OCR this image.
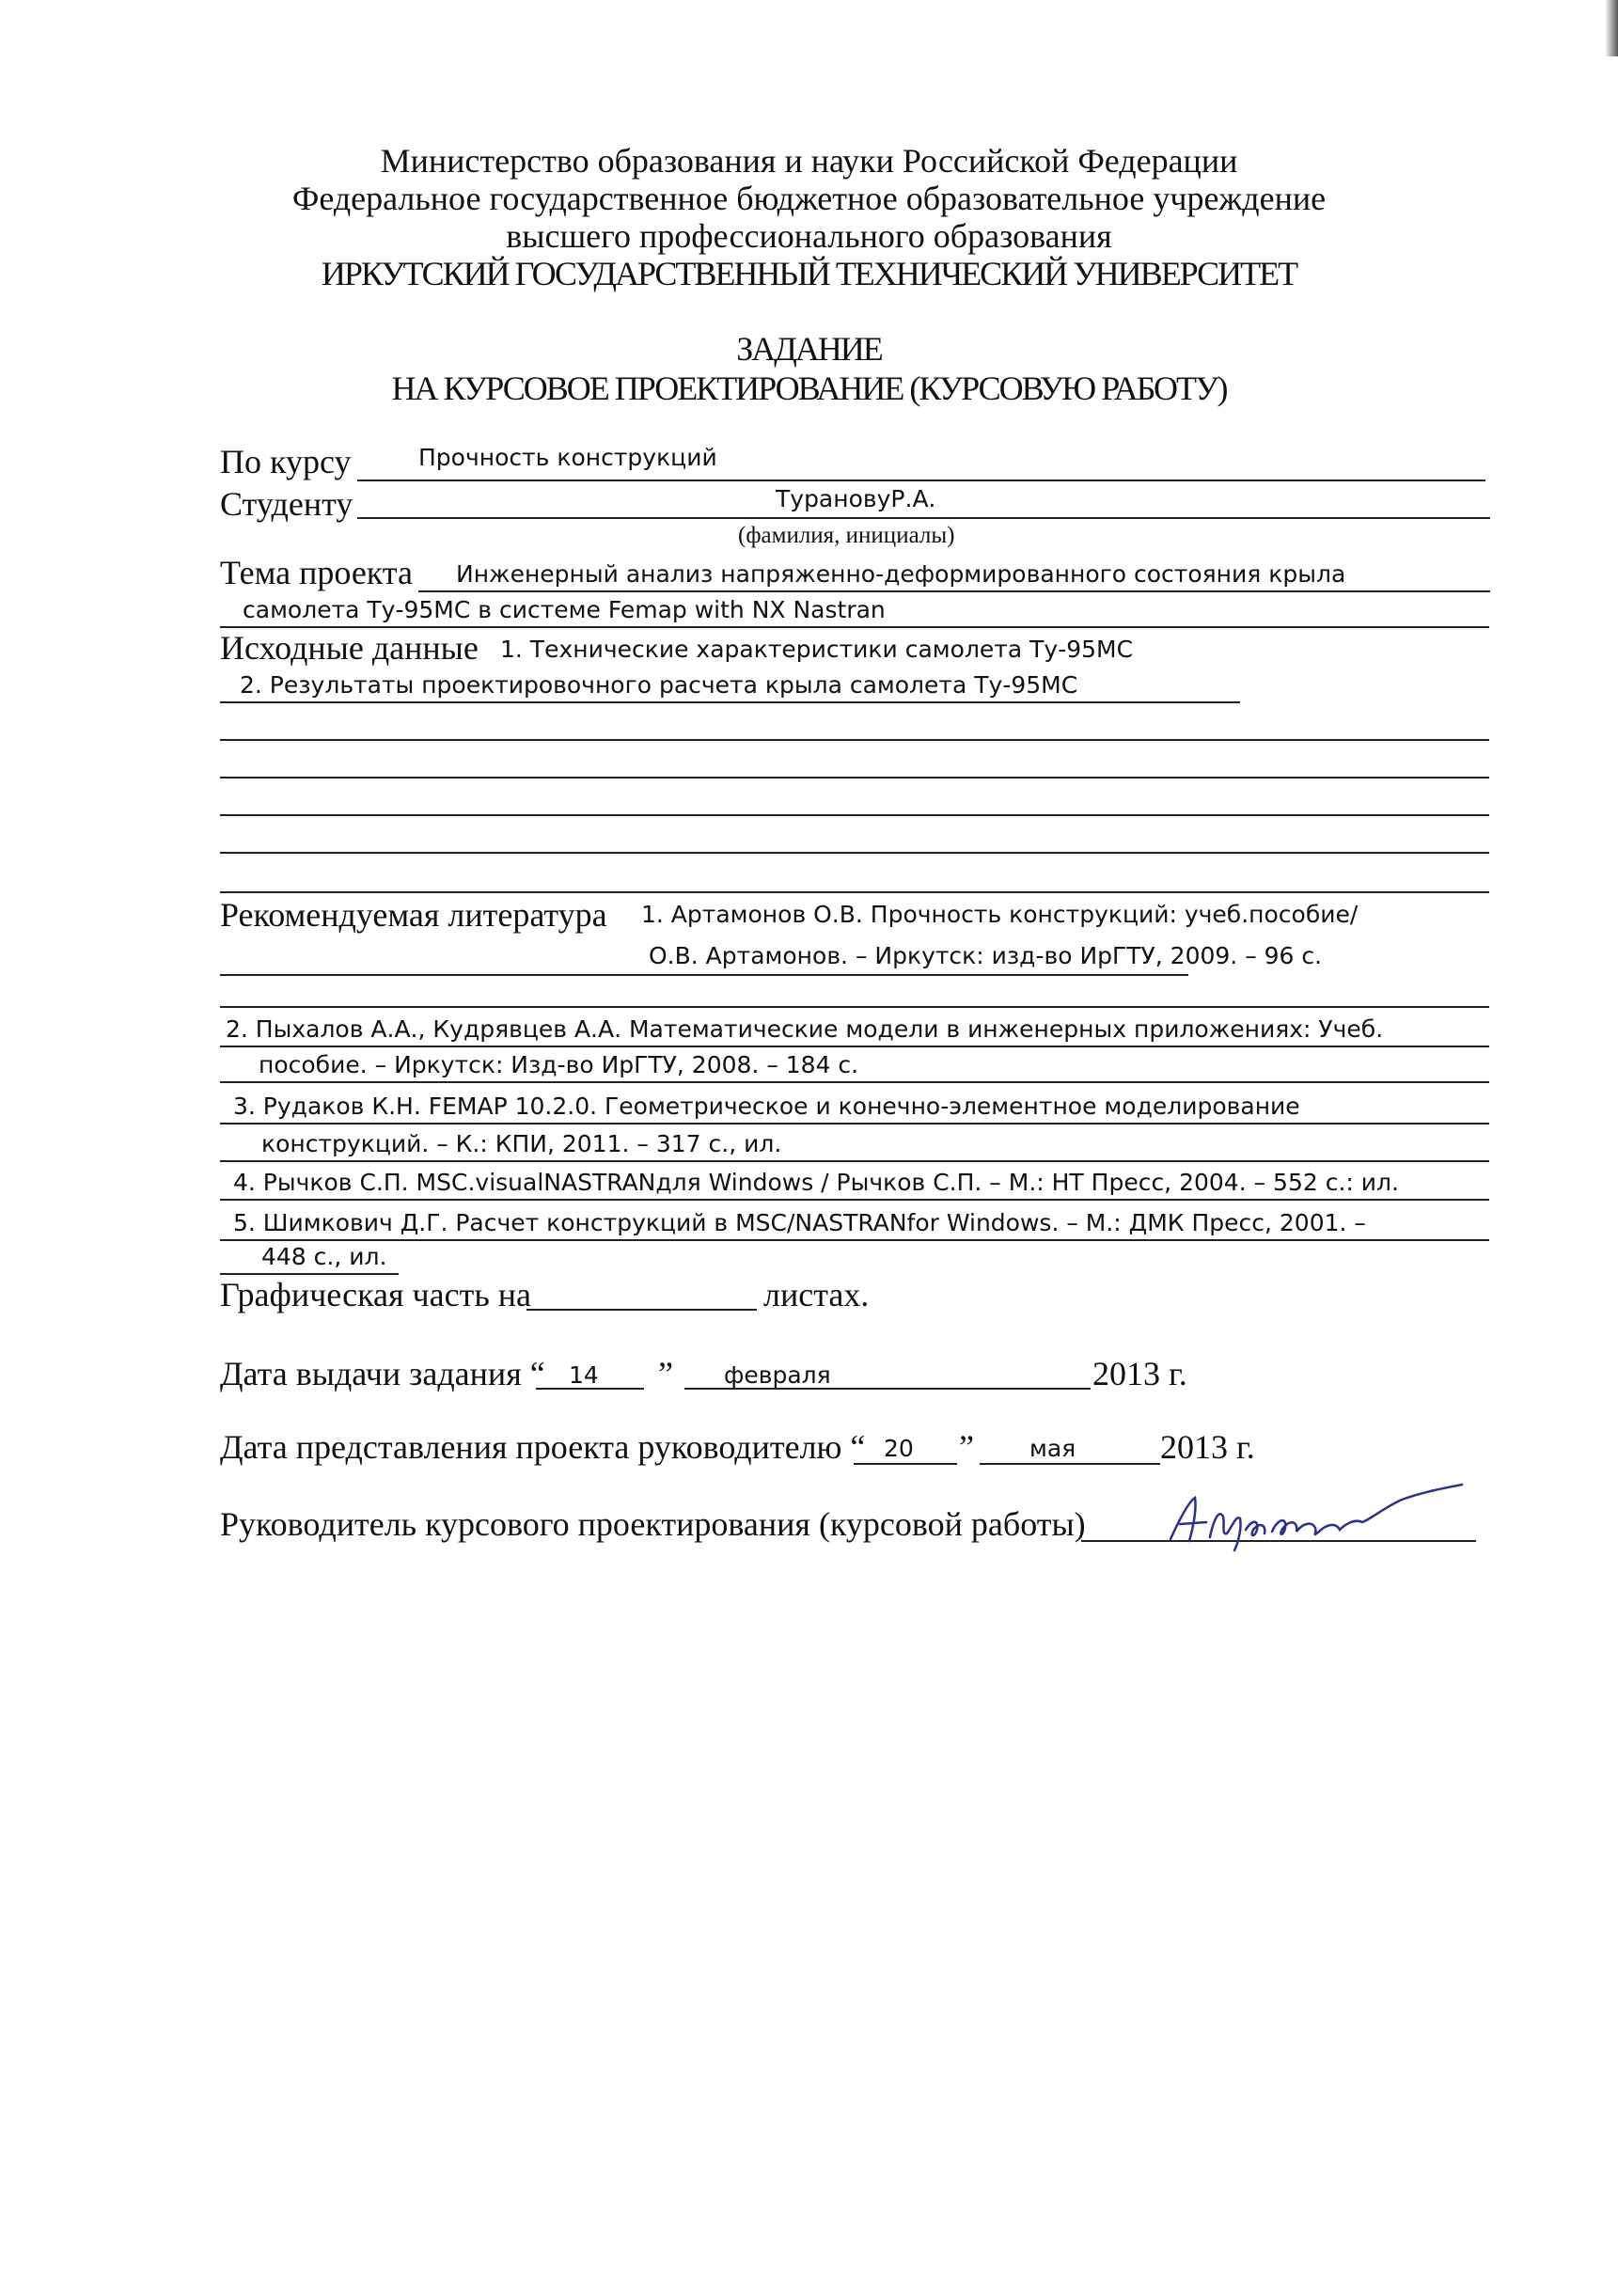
Министерство образования и науки Российской Федерации
Федеральное государственное бюджетное образовательное учреждение
высшего профессионального образования
ИРКУТСКИЙ ГОСУДАРСТВЕННЫЙ ТЕХНИЧЕСКИЙ УНИВЕРСИТЕТ
ЗАДАНИЕ
НА КУРСОВОЕ ПРОЕКТИРОВАНИЕ (КУРСОВУЮ РАБОТУ)
По курсу	Прочность конструкций
Студенту	ТурановуР.А.
(фамилия, инициалы)
Тема проекта Инженерный анализ напряженно-деформированного состояния крыла
самолета Ту-95МС в системе Femap with NX Nastran
Исходные данные 1. Технические характеристики самолета Ту-95МС
2. Результаты проектировочного расчета крыла самолета Ту-95МС
Рекомендуемая литература 1. Артамонов О.В. Прочность конструкций: учеб.пособие/
О.В. Артамонов. – Иркутск: изд-во ИрГТУ, 2009. – 96 с.
2. Пыхалов А.А., Кудрявцев А.А. Математические модели в инженерных приложениях: Учеб.
пособие. – Иркутск: Изд-во ИрГТУ, 2008. – 184 с.
3. Рудаков К.Н. FEMAP 10.2.0. Геометрическое и конечно-элементное моделирование
конструкций. – К.: КПИ, 2011. – 317 с., ил.
4. Рычков С.П. MSC.visualNASTRANдля Windows / Рычков С.П. – М.: НТ Пресс, 2004. – 552 с.: ил.
5. Шимкович Д.Г. Расчет конструкций в MSC/NASTRANfor Windows. – М.: ДМК Пресс, 2001. –
448 с., ил.
Графическая часть на	листах.
Дата выдачи задания “ 14 ” февраля	2013 г.
Дата представления проекта руководителю “ 20 ” мая 2013 г.
Руководитель курсового проектирования (курсовой работы)
